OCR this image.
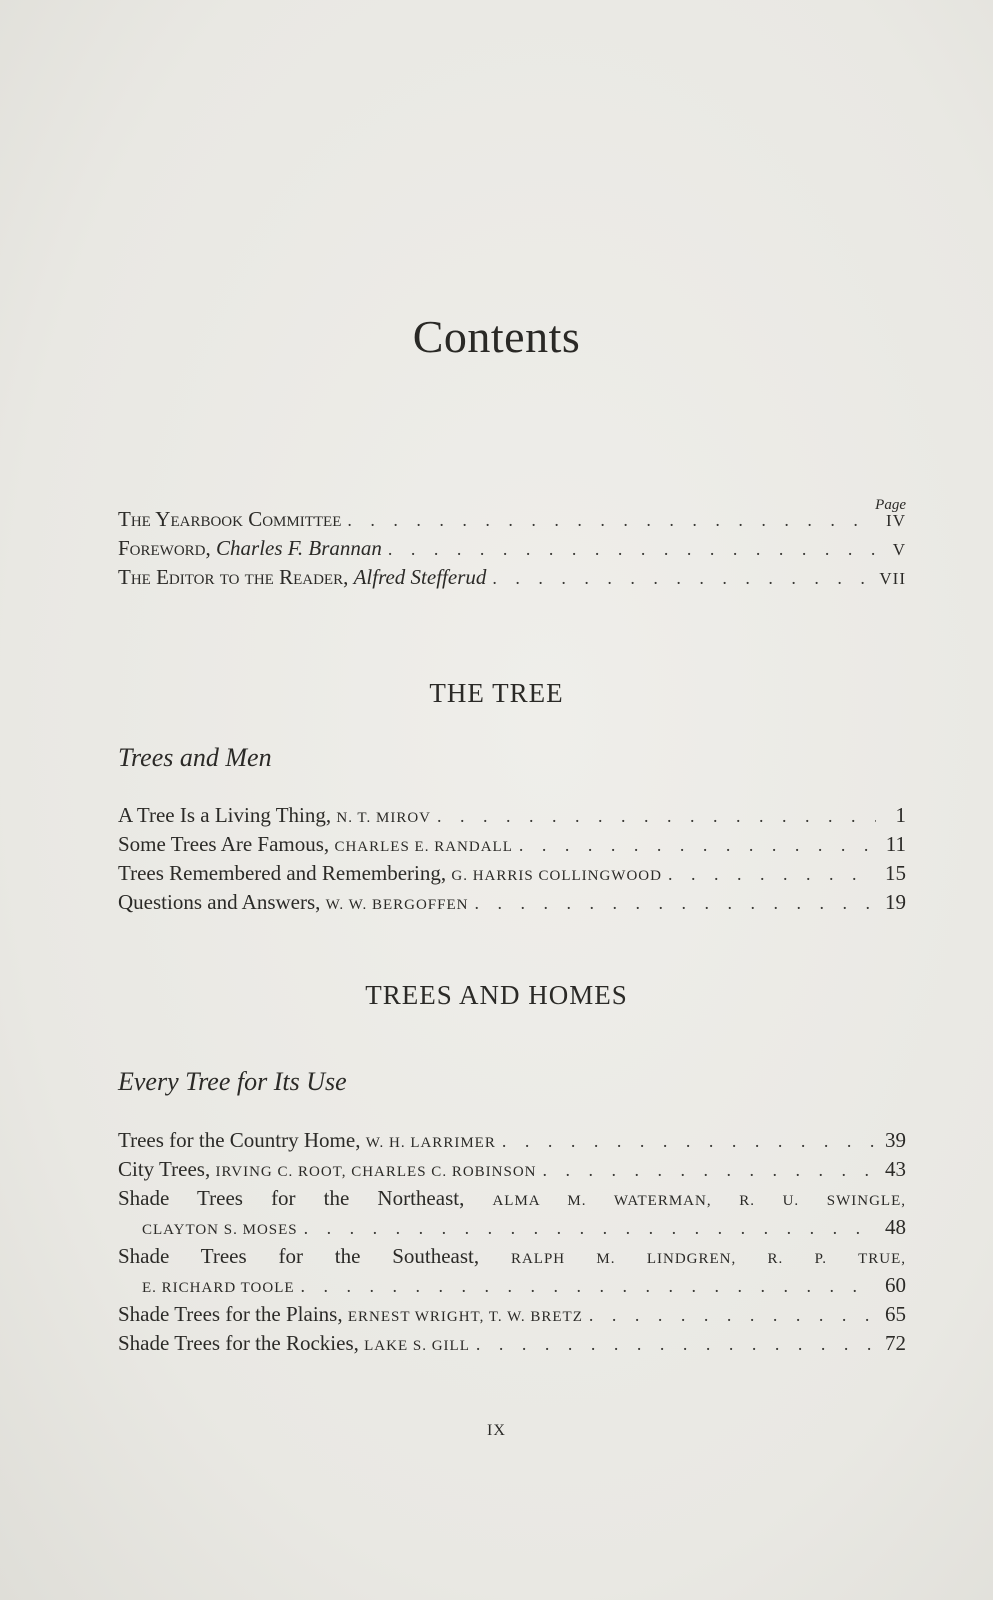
Contents
Page
The Yearbook Committee . . .	IV
Foreword, Charles F. Brannan . . .	V
The Editor to the Reader, Alfred Stefferud . . .	VII
THE TREE
Trees and Men
A Tree Is a Living Thing, N. T. MIROV . . .	1
Some Trees Are Famous, CHARLES E. RANDALL . . .	11
Trees Remembered and Remembering, G. HARRIS COLLINGWOOD . . .	15
Questions and Answers, W. W. BERGOFFEN . . .	19
TREES AND HOMES
Every Tree for Its Use
Trees for the Country Home, W. H. LARRIMER . . .	39
City Trees, IRVING C. ROOT, CHARLES C. ROBINSON . . .	43
Shade Trees for the Northeast, ALMA M. WATERMAN, R. U. SWINGLE,
CLAYTON S. MOSES . . .	48
Shade Trees for the Southeast, RALPH M. LINDGREN, R. P. TRUE,
E. RICHARD TOOLE . . .	60
Shade Trees for the Plains, ERNEST WRIGHT, T. W. BRETZ . . .	65
Shade Trees for the Rockies, LAKE S. GILL . . .	72
IX
